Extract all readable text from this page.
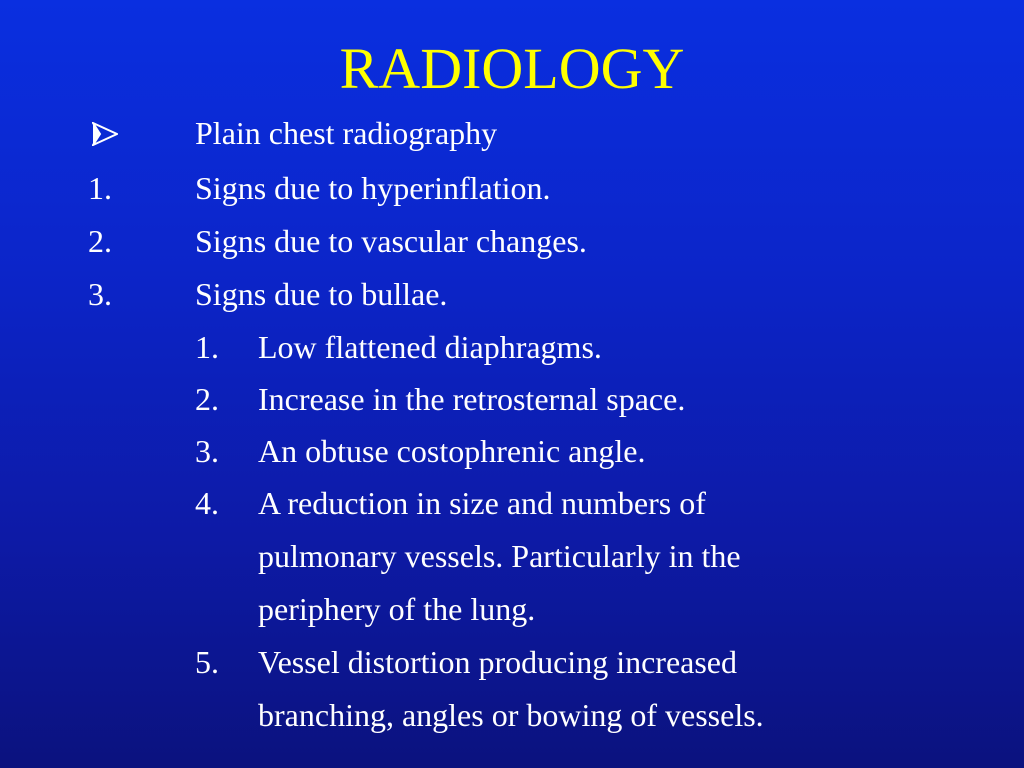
RADIOLOGY
Plain chest radiography
1.	Signs due to hyperinflation.
2.	Signs due to vascular changes.
3.	Signs due to bullae.
1. Low flattened diaphragms.
2. Increase in the retrosternal space.
3. An obtuse costophrenic angle.
4. A reduction in size and numbers of
pulmonary vessels. Particularly in the
periphery of the lung.
5. Vessel distortion producing increased
branching, angles or bowing of vessels.
